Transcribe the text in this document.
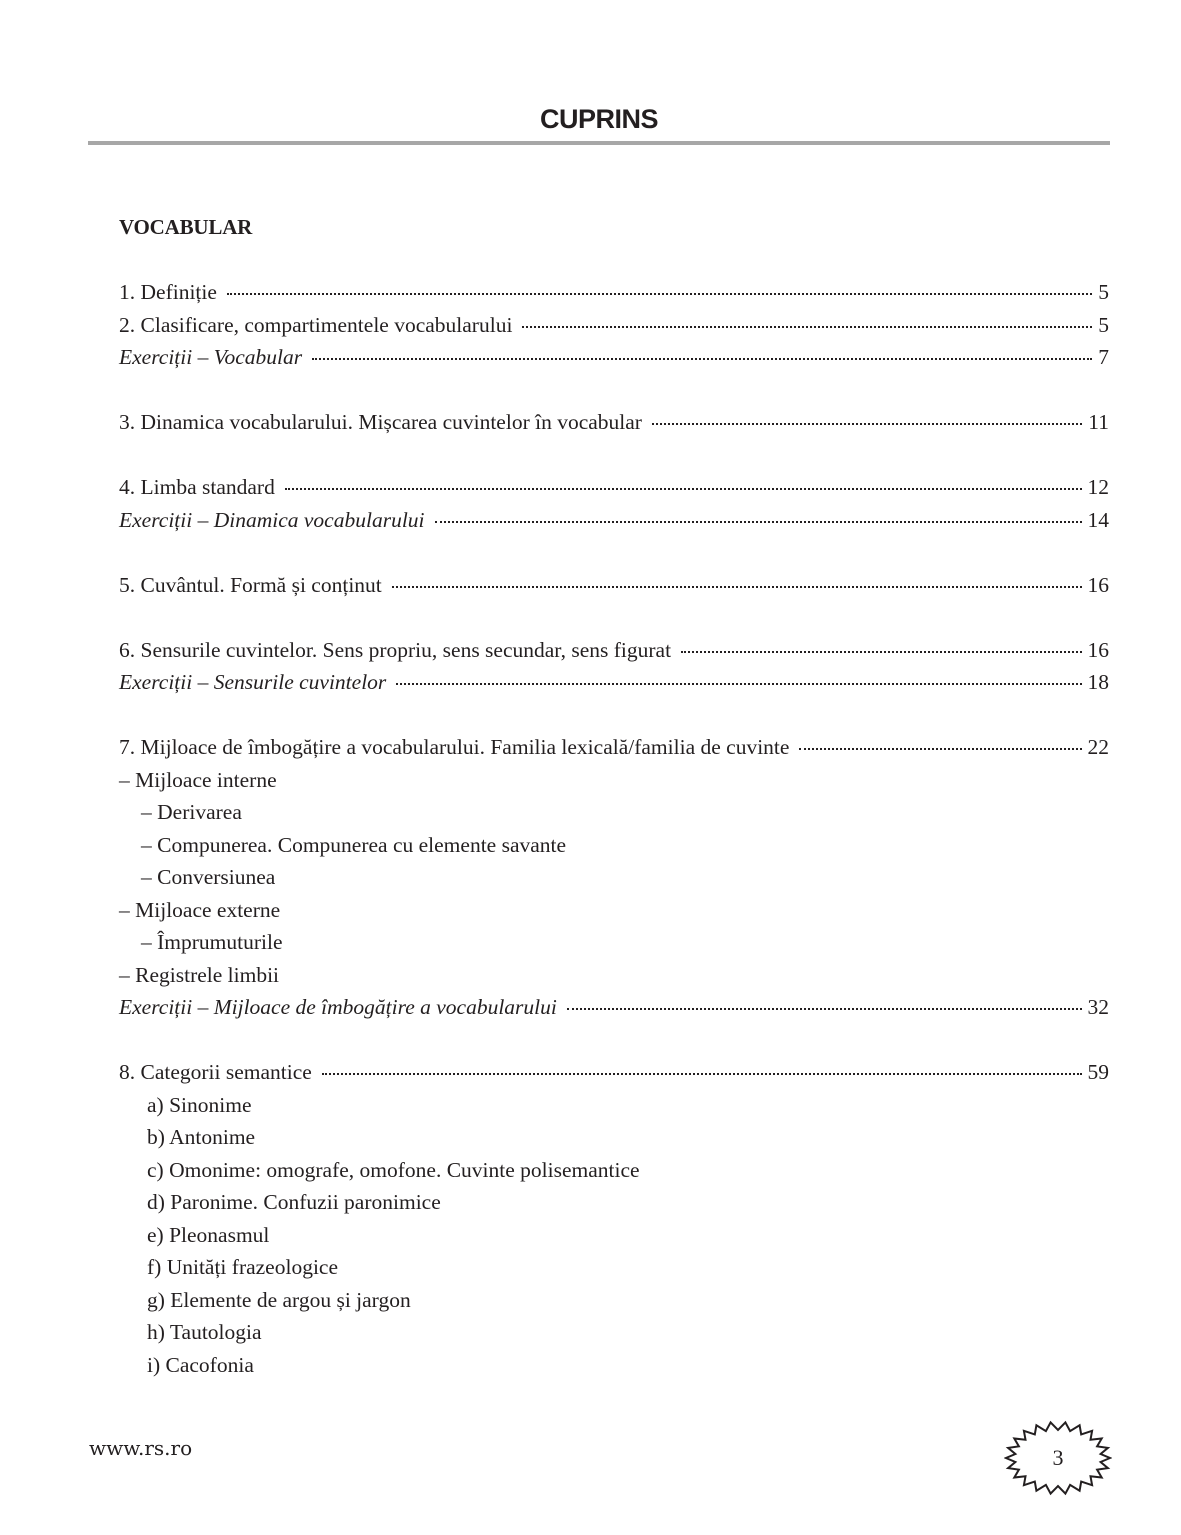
CUPRINS
VOCABULAR
1. Definiție	5
2. Clasificare, compartimentele vocabularului	5
Exerciții – Vocabular	7
3. Dinamica vocabularului. Mișcarea cuvintelor în vocabular	11
4. Limba standard	12
Exerciții – Dinamica vocabularului	14
5. Cuvântul. Formă și conținut	16
6. Sensurile cuvintelor. Sens propriu, sens secundar, sens figurat	16
Exerciții – Sensurile cuvintelor	18
7. Mijloace de îmbogățire a vocabularului. Familia lexicală/familia de cuvinte	22
– Mijloace interne
– Derivarea
– Compunerea. Compunerea cu elemente savante
– Conversiunea
– Mijloace externe
– Împrumuturile
– Registrele limbii
Exerciții – Mijloace de îmbogățire a vocabularului	32
8. Categorii semantice	59
a) Sinonime
b) Antonime
c) Omonime: omografe, omofone. Cuvinte polisemantice
d) Paronime. Confuzii paronimice
e) Pleonasmul
f) Unități frazeologice
g) Elemente de argou și jargon
h) Tautologia
i) Cacofonia
www.rs.ro	3
